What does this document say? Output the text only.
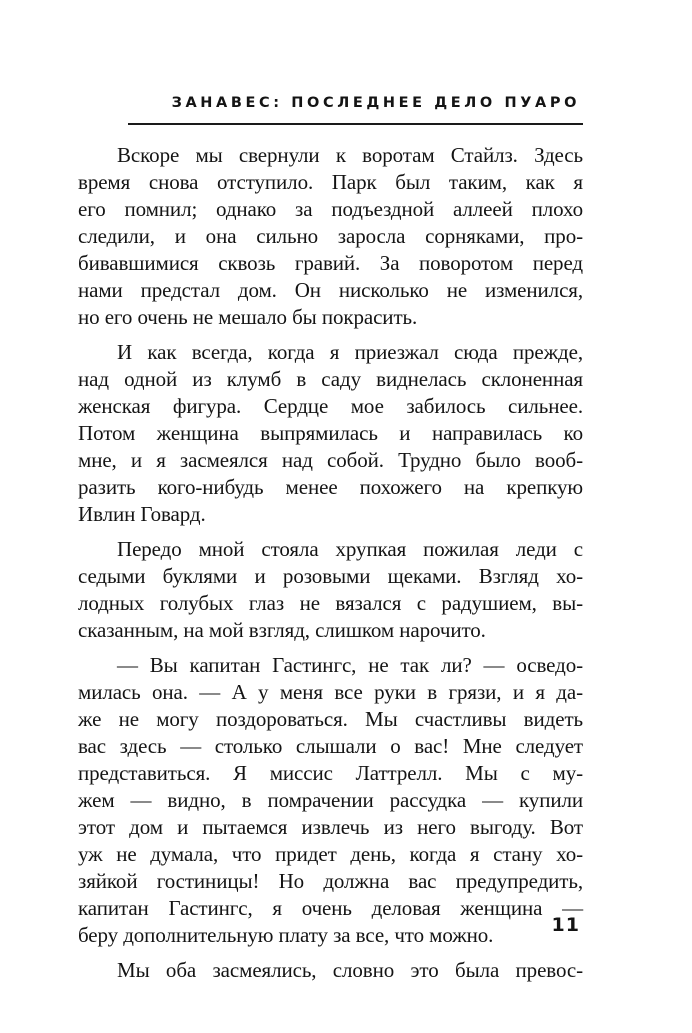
ЗАНАВЕС: ПОСЛЕДНЕЕ ДЕЛО ПУАРО
Вскоре мы свернули к воротам Стайлз. Здесь
время снова отступило. Парк был таким, как я
его помнил; однако за подъездной аллеей плохо
следили, и она сильно заросла сорняками, про-
бивавшимися сквозь гравий. За поворотом перед
нами предстал дом. Он нисколько не изменился,
но его очень не мешало бы покрасить.
И как всегда, когда я приезжал сюда прежде,
над одной из клумб в саду виднелась склоненная
женская фигура. Сердце мое забилось сильнее.
Потом женщина выпрямилась и направилась ко
мне, и я засмеялся над собой. Трудно было вооб-
разить кого-нибудь менее похожего на крепкую
Ивлин Говард.
Передо мной стояла хрупкая пожилая леди с
седыми буклями и розовыми щеками. Взгляд хо-
лодных голубых глаз не вязался с радушием, вы-
сказанным, на мой взгляд, слишком нарочито.
— Вы капитан Гастингс, не так ли? — осведо-
милась она. — А у меня все руки в грязи, и я да-
же не могу поздороваться. Мы счастливы видеть
вас здесь — столько слышали о вас! Мне следует
представиться. Я миссис Латтрелл. Мы с му-
жем — видно, в помрачении рассудка — купили
этот дом и пытаемся извлечь из него выгоду. Вот
уж не думала, что придет день, когда я стану хо-
зяйкой гостиницы! Но должна вас предупредить,
капитан Гастингс, я очень деловая женщина —
беру дополнительную плату за все, что можно.
Мы оба засмеялись, словно это была превос-
11
